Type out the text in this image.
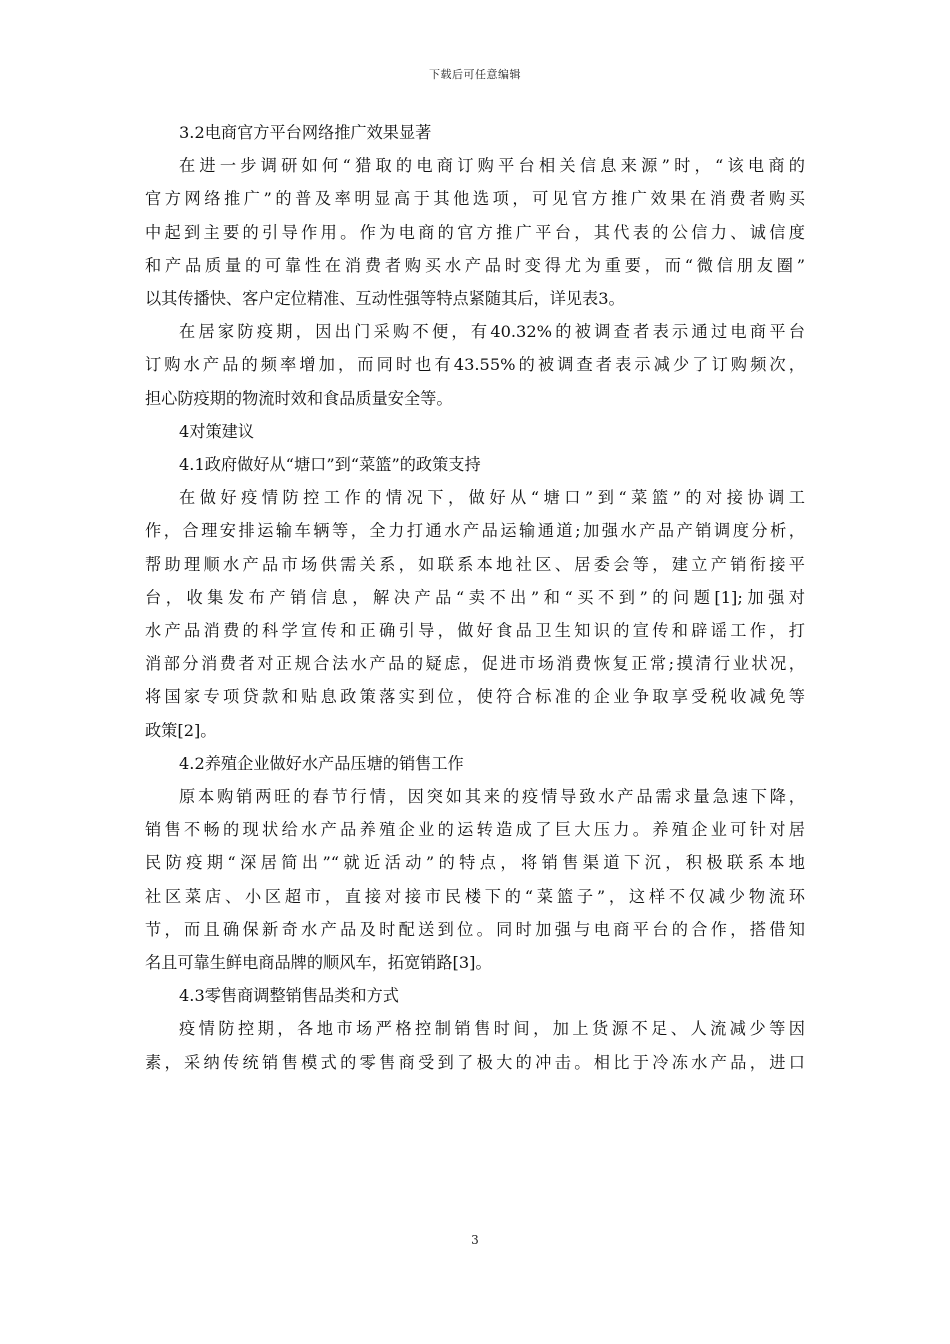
下载后可任意编辑
3.2电商官方平台网络推广效果显著
在进一步调研如何“猎取的电商订购平台相关信息来源”时，“该电商的
官方网络推广”的普及率明显高于其他选项，可见官方推广效果在消费者购买
中起到主要的引导作用。作为电商的官方推广平台，其代表的公信力、诚信度
和产品质量的可靠性在消费者购买水产品时变得尤为重要，而“微信朋友圈”
以其传播快、客户定位精准、互动性强等特点紧随其后，详见表3。
在居家防疫期，因出门采购不便，有40.32%的被调查者表示通过电商平台
订购水产品的频率增加，而同时也有43.55%的被调查者表示减少了订购频次，
担心防疫期的物流时效和食品质量安全等。
4对策建议
4.1政府做好从“塘口”到“菜篮”的政策支持
在做好疫情防控工作的情况下，做好从“塘口”到“菜篮”的对接协调工
作，合理安排运输车辆等，全力打通水产品运输通道;加强水产品产销调度分析，
帮助理顺水产品市场供需关系，如联系本地社区、居委会等，建立产销衔接平
台，收集发布产销信息，解决产品“卖不出”和“买不到”的问题[1];加强对
水产品消费的科学宣传和正确引导，做好食品卫生知识的宣传和辟谣工作，打
消部分消费者对正规合法水产品的疑虑，促进市场消费恢复正常;摸清行业状况，
将国家专项贷款和贴息政策落实到位，使符合标准的企业争取享受税收减免等
政策[2]。
4.2养殖企业做好水产品压塘的销售工作
原本购销两旺的春节行情，因突如其来的疫情导致水产品需求量急速下降，
销售不畅的现状给水产品养殖企业的运转造成了巨大压力。养殖企业可针对居
民防疫期“深居简出”“就近活动”的特点，将销售渠道下沉，积极联系本地
社区菜店、小区超市，直接对接市民楼下的“菜篮子”，这样不仅减少物流环
节，而且确保新奇水产品及时配送到位。同时加强与电商平台的合作，搭借知
名且可靠生鲜电商品牌的顺风车，拓宽销路[3]。
4.3零售商调整销售品类和方式
疫情防控期，各地市场严格控制销售时间，加上货源不足、人流减少等因
素，采纳传统销售模式的零售商受到了极大的冲击。相比于冷冻水产品，进口
3
